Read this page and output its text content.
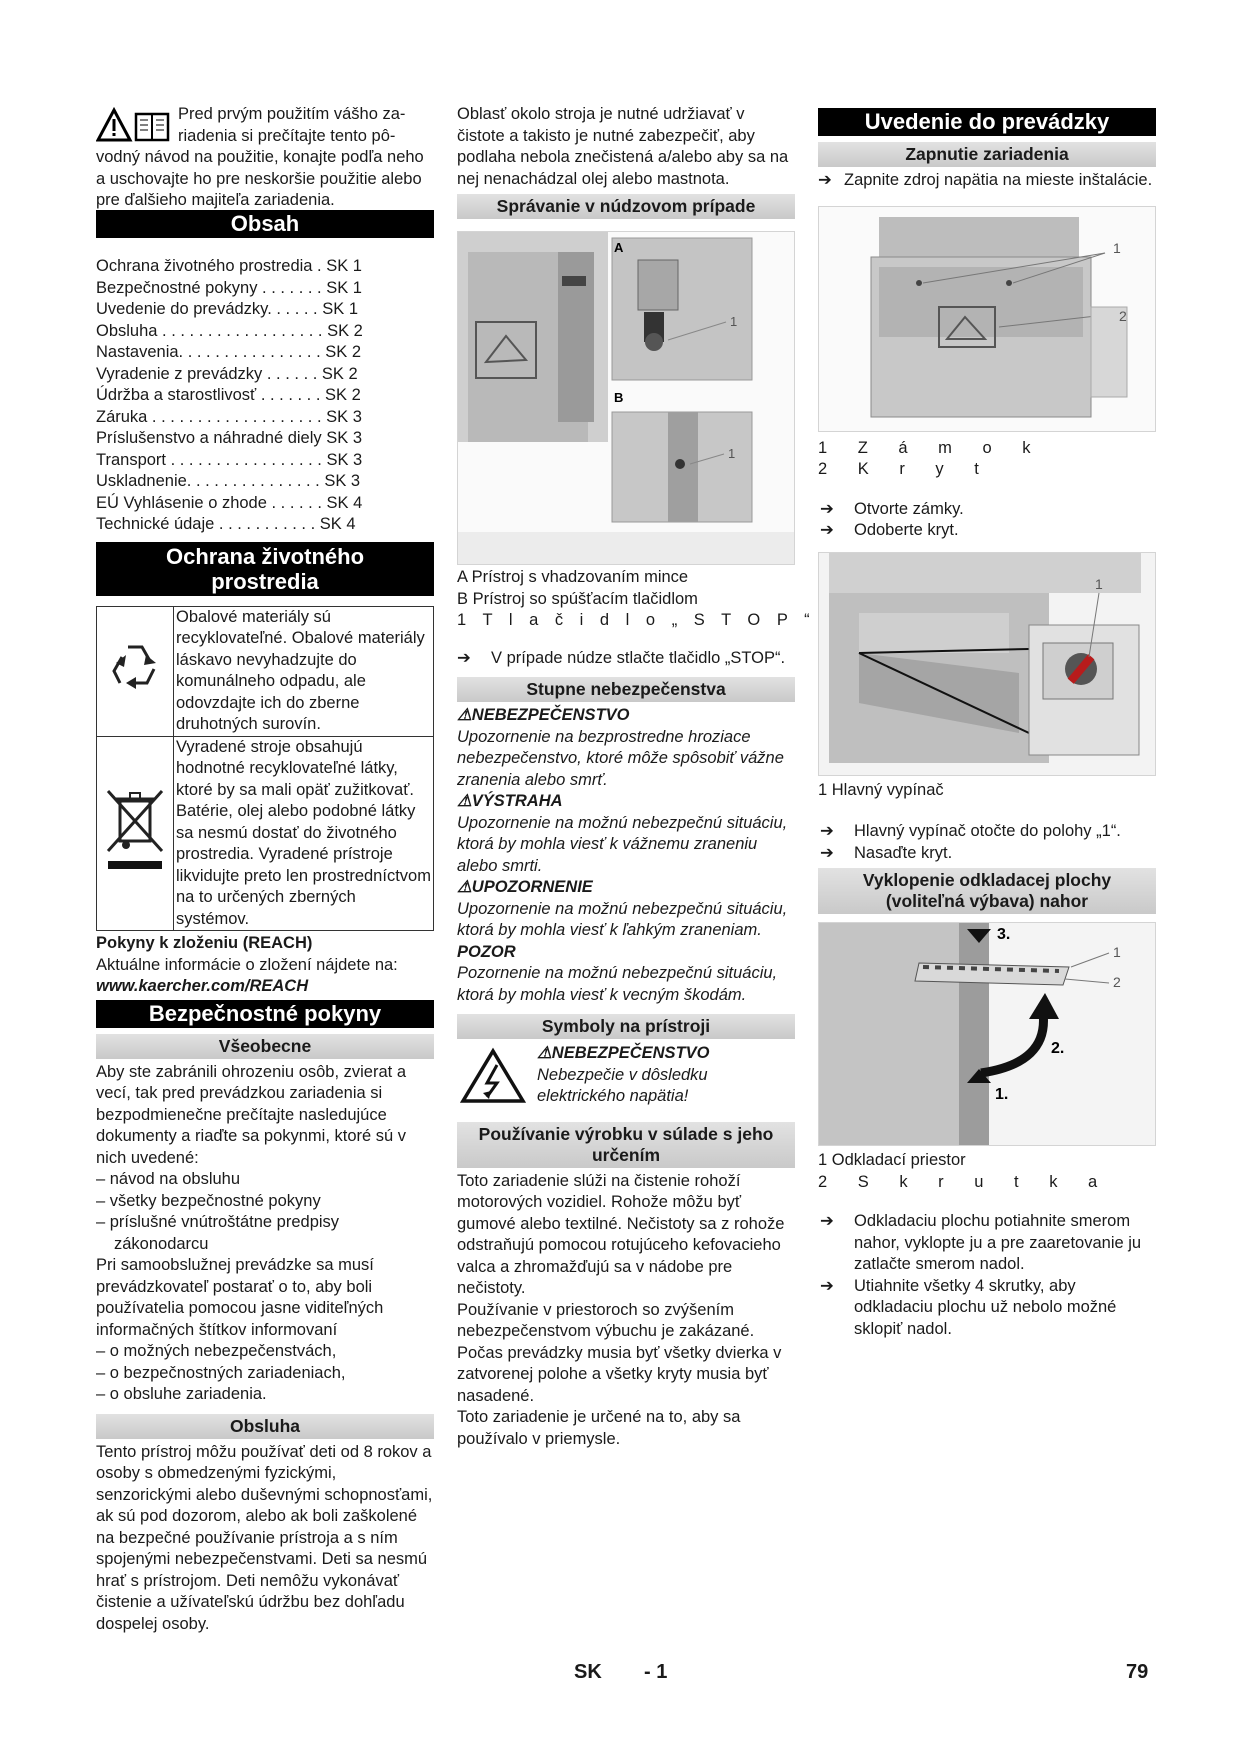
Pred prvým použitím vášho za-

riadenia si prečítajte tento pô-

vodný návod na použitie, konajte podľa neho a uschovajte ho pre neskoršie použitie alebo pre ďalšieho majiteľa zariadenia.

Obsah
Ochrana životného prostredia . SK 1
Bezpečnostné pokyny . . . . . . . SK 1
Uvedenie do prevádzky. . . . . . SK 1
Obsluha . . . . . . . . . . . . . . . . . . SK 2
Nastavenia. . . . . . . . . . . . . . . . SK 2
Vyradenie z prevádzky . . . . . . SK 2
Údržba a starostlivosť . . . . . . . SK 2
Záruka . . . . . . . . . . . . . . . . . . . SK 3
Príslušenstvo a náhradné diely SK 3
Transport . . . . . . . . . . . . . . . . . SK 3
Uskladnenie. . . . . . . . . . . . . . . SK 3
EÚ Vyhlásenie o zhode . . . . . . SK 4
Technické údaje . . . . . . . . . . . SK 4
Ochrana životného
prostredia
	Obalové materiály sú recyklovateľné. Obalové materiály láskavo nevyhadzujte do komunálneho odpadu, ale odovzdajte ich do zberne druhotných surovín.
	Vyradené stroje obsahujú hodnotné recyklovateľné látky, ktoré by sa mali opäť zužitkovať. Batérie, olej alebo podobné látky sa nesmú dostať do životného prostredia. Vyradené prístroje likvidujte preto len prostredníctvom na to určených zberných systémov.

Pokyny k zloženiu (REACH)

Aktuálne informácie o zložení nájdete na:

www.kaercher.com/REACH

Bezpečnostné pokyny
Všeobecne

Aby ste zabránili ohrozeniu osôb, zvierat a vecí, tak pred prevádzkou zariadenia si bezpodmienečne prečítajte nasledujúce dokumenty a riaďte sa pokynmi, ktoré sú v nich uvedené:

– návod na obsluhu

– všetky bezpečnostné pokyny

– príslušné vnútroštátne predpisy zákonodarcu

Pri samoobslužnej prevádzke sa musí prevádzkovateľ postarať o to, aby boli používatelia pomocou jasne viditeľných informačných štítkov informovaní

– o možných nebezpečenstvách,

– o bezpečnostných zariadeniach,

– o obsluhe zariadenia.

Obsluha

Tento prístroj môžu používať deti od 8 rokov a osoby s obmedzenými fyzickými, senzorickými alebo duševnými schopnosťami, ak sú pod dozorom, alebo ak boli zaškolené na bezpečné používanie prístroja a s ním spojenými nebezpečenstvami. Deti sa nesmú hrať s prístrojom. Deti nemôžu vykonávať čistenie a užívateľskú údržbu bez dohľadu dospelej osoby.

Oblasť okolo stroja je nutné udržiavať v čistote a takisto je nutné zabezpečiť, aby podlaha nebola znečistená a/alebo aby sa na nej nenachádzal olej alebo mastnota.

Správanie v núdzovom prípade
A
B
1
1

A Prístroj s vhadzovaním mince

B Prístroj so spúšťacím tlačidlom

1 T l a č i d l o „ S T O P “

➔	V prípade núdze stlačte tlačidlo „STOP“.
Stupne nebezpečenstva

⚠NEBEZPEČENSTVO

Upozornenie na bezprostredne hroziace nebezpečenstvo, ktoré môže spôsobiť vážne zranenia alebo smrť.

⚠VÝSTRAHA

Upozornenie na možnú nebezpečnú situáciu, ktorá by mohla viesť k vážnemu zraneniu alebo smrti.

⚠UPOZORNENIE

Upozornenie na možnú nebezpečnú situáciu, ktorá by mohla viesť k ľahkým zraneniam.

POZOR

Pozornenie na možnú nebezpečnú situáciu, ktorá by mohla viesť k vecným škodám.

Symboly na prístroji

⚠NEBEZPEČENSTVO

Nebezpečie v dôsledku elektrického napätia!

Používanie výrobku v súlade s jeho určením

Toto zariadenie slúži na čistenie rohoží motorových vozidiel. Rohože môžu byť gumové alebo textilné. Nečistoty sa z rohože odstraňujú pomocou rotujúceho kefovacieho valca a zhromažďujú sa v nádobe pre nečistoty.

Používanie v priestoroch so zvýšením nebezpečenstvom výbuchu je zakázané.

Počas prevádzky musia byť všetky dvierka v zatvorenej polohe a všetky kryty musia byť nasadené.

Toto zariadenie je určené na to, aby sa používalo v priemysle.

Uvedenie do prevádzky
Zapnutie zariadenia
➔ Zapnite zdroj napätia na mieste inštalácie.
1
2

1 Z á m o k

2 K r y t

➔	Otvorte zámky.
➔	Odoberte kryt.
1

1 Hlavný vypínač

➔	Hlavný vypínač otočte do polohy „1“.
➔	Nasaďte kryt.
Vyklopenie odkladacej plochy
(voliteľná výbava) nahor
3.
2.
1.
1
2

1 Odkladací priestor

2 S k r u t k a

➔	Odkladaciu plochu potiahnite smerom nahor, vyklopte ju a pre zaaretovanie ju zatlačte smerom nadol.
➔	Utiahnite všetky 4 skrutky, aby odkladaciu plochu už nebolo možné sklopiť nadol.
SK - 1	79
